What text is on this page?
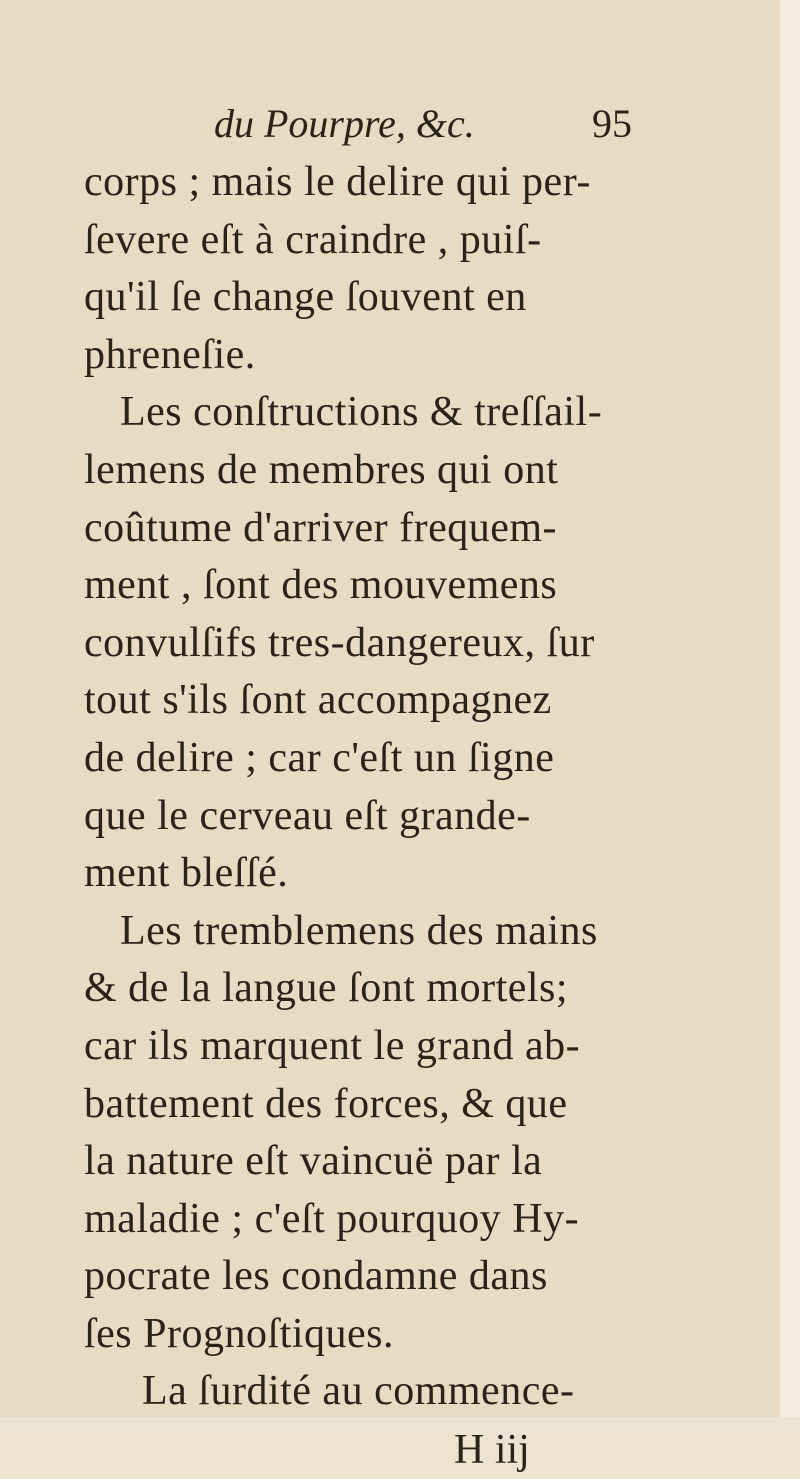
du Pourpre, &c.	95
corps ; mais le delire qui per-
ſevere eſt à craindre , puiſ-
qu'il ſe change ſouvent en
phreneſie.
Les conſtructions & treſſail-
lemens de membres qui ont
coûtume d'arriver frequem-
ment , ſont des mouvemens
convulſifs tres-dangereux, ſur
tout s'ils ſont accompagnez
de delire ; car c'eſt un ſigne
que le cerveau eſt grande-
ment bleſſé.
Les tremblemens des mains
& de la langue ſont mortels;
car ils marquent le grand ab-
battement des forces, & que
la nature eſt vaincuë par la
maladie ; c'eſt pourquoy Hy-
pocrate les condamne dans
ſes Prognoſtiques.
La ſurdité au commence-
H iij
